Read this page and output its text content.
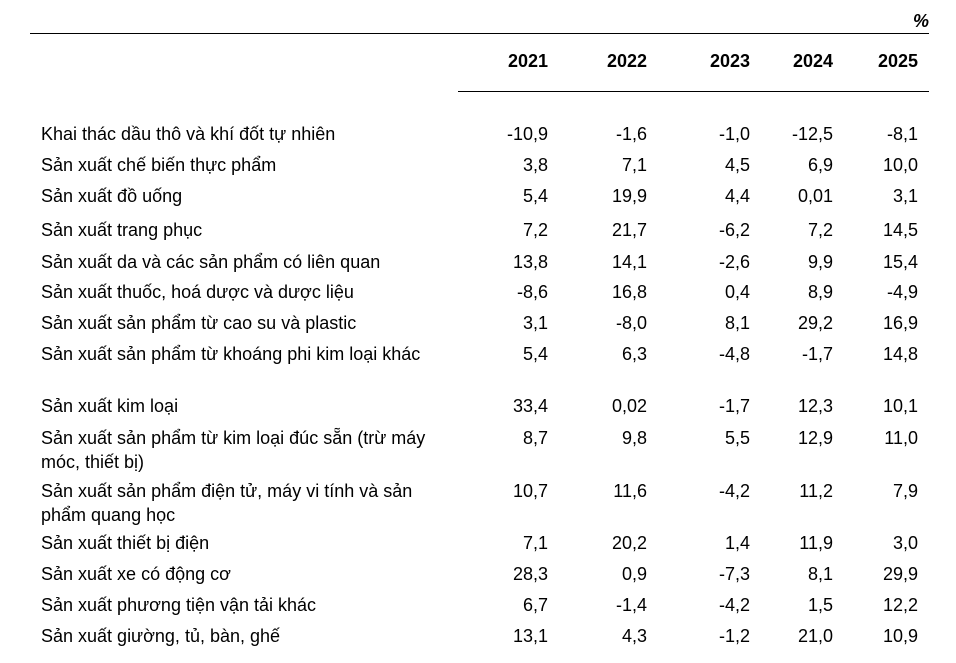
%
2021	2022	2023	2024	2025
Khai thác dầu thô và khí đốt tự nhiên	-10,9	-1,6	-1,0	-12,5	-8,1
Sản xuất chế biến thực phẩm	3,8	7,1	4,5	6,9	10,0
Sản xuất đồ uống	5,4	19,9	4,4	0,01	3,1
Sản xuất trang phục	7,2	21,7	-6,2	7,2	14,5
Sản xuất da và các sản phẩm có liên quan	13,8	14,1	-2,6	9,9	15,4
Sản xuất thuốc, hoá dược và dược liệu	-8,6	16,8	0,4	8,9	-4,9
Sản xuất sản phẩm từ cao su và plastic	3,1	-8,0	8,1	29,2	16,9
Sản xuất sản phẩm từ khoáng phi kim loại khác	5,4	6,3	-4,8	-1,7	14,8
Sản xuất kim loại	33,4	0,02	-1,7	12,3	10,1
Sản xuất sản phẩm từ kim loại đúc sẵn (trừ máy móc, thiết bị)
8,7	9,8	5,5	12,9	11,0
Sản xuất sản phẩm điện tử, máy vi tính và sản phẩm quang học
10,7	11,6	-4,2	11,2	7,9
Sản xuất thiết bị điện	7,1	20,2	1,4	11,9	3,0
Sản xuất xe có động cơ	28,3	0,9	-7,3	8,1	29,9
Sản xuất phương tiện vận tải khác	6,7	-1,4	-4,2	1,5	12,2
Sản xuất giường, tủ, bàn, ghế	13,1	4,3	-1,2	21,0	10,9
